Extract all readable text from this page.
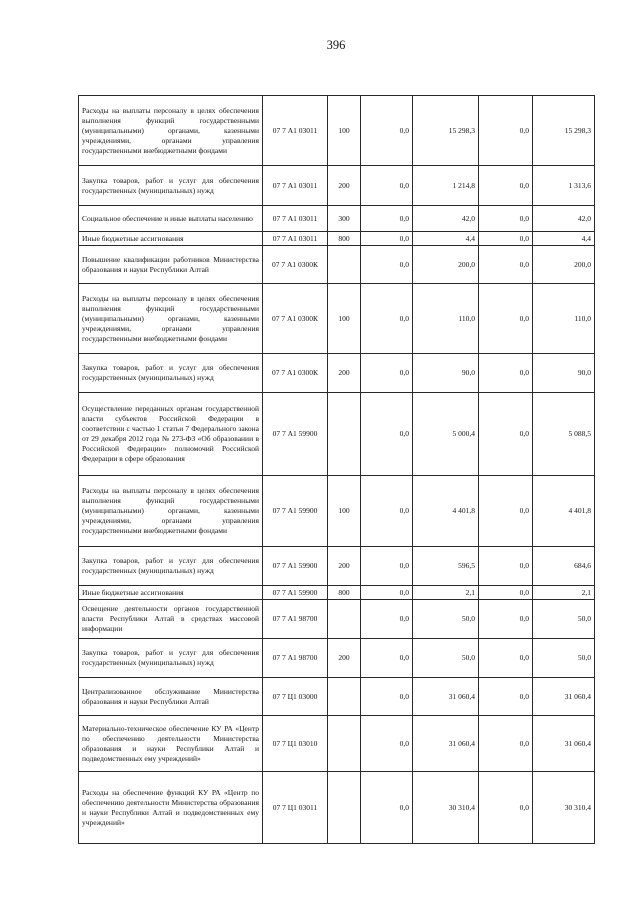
396
Расходы на выплаты персоналу в целях обеспечения выполнения функций государственными (муниципальными) органами, казенными учреждениями, органами управления государственными внебюджетными фондами	07 7 А1 03011	100	0,0	15 298,3	0,0	15 298,3
Закупка товаров, работ и услуг для обеспечения государственных (муниципальных) нужд	07 7 А1 03011	200	0,0	1 214,8	0,0	1 313,6
Социальное обеспечение и иные выплаты населению	07 7 А1 03011	300	0,0	42,0	0,0	42,0
Иные бюджетные ассигнования	07 7 А1 03011	800	0,0	4,4	0,0	4,4
Повышение квалификации работников Министерства образования и науки Республики Алтай	07 7 А1 0300К		0,0	200,0	0,0	200,0
Расходы на выплаты персоналу в целях обеспечения выполнения функций государственными (муниципальными) органами, казенными учреждениями, органами управления государственными внебюджетными фондами	07 7 А1 0300К	100	0,0	110,0	0,0	110,0
Закупка товаров, работ и услуг для обеспечения государственных (муниципальных) нужд	07 7 А1 0300К	200	0,0	90,0	0,0	90,0
Осуществление переданных органам государственной власти субъектов Российской Федерации в соответствии с частью 1 статьи 7 Федерального закона от 29 декабря 2012 года № 273-ФЗ «Об образовании в Российской Федерации» полномочий Российской Федерации в сфере образования	07 7 А1 59900		0,0	5 000,4	0,0	5 088,5
Расходы на выплаты персоналу в целях обеспечения выполнения функций государственными (муниципальными) органами, казенными учреждениями, органами управления государственными внебюджетными фондами	07 7 А1 59900	100	0,0	4 401,8	0,0	4 401,8
Закупка товаров, работ и услуг для обеспечения государственных (муниципальных) нужд	07 7 А1 59900	200	0,0	596,5	0,0	684,6
Иные бюджетные ассигнования	07 7 А1 59900	800	0,0	2,1	0,0	2,1
Освещение деятельности органов государственной власти Республики Алтай в средствах массовой информации	07 7 А1 98700		0,0	50,0	0,0	50,0
Закупка товаров, работ и услуг для обеспечения государственных (муниципальных) нужд	07 7 А1 98700	200	0,0	50,0	0,0	50,0
Централизованное обслуживание Министерства образования и науки Республики Алтай	07 7 Ц1 03000		0,0	31 060,4	0,0	31 060,4
Материально-техническое обеспечение КУ РА «Центр по обеспечению деятельности Министерства образования и науки Республики Алтай и подведомственных ему учреждений»	07 7 Ц1 03010		0,0	31 060,4	0,0	31 060,4
Расходы на обеспечение функций КУ РА «Центр по обеспечению деятельности Министерства образования и науки Республики Алтай и подведомственных ему учреждений»	07 7 Ц1 03011		0,0	30 310,4	0,0	30 310,4
